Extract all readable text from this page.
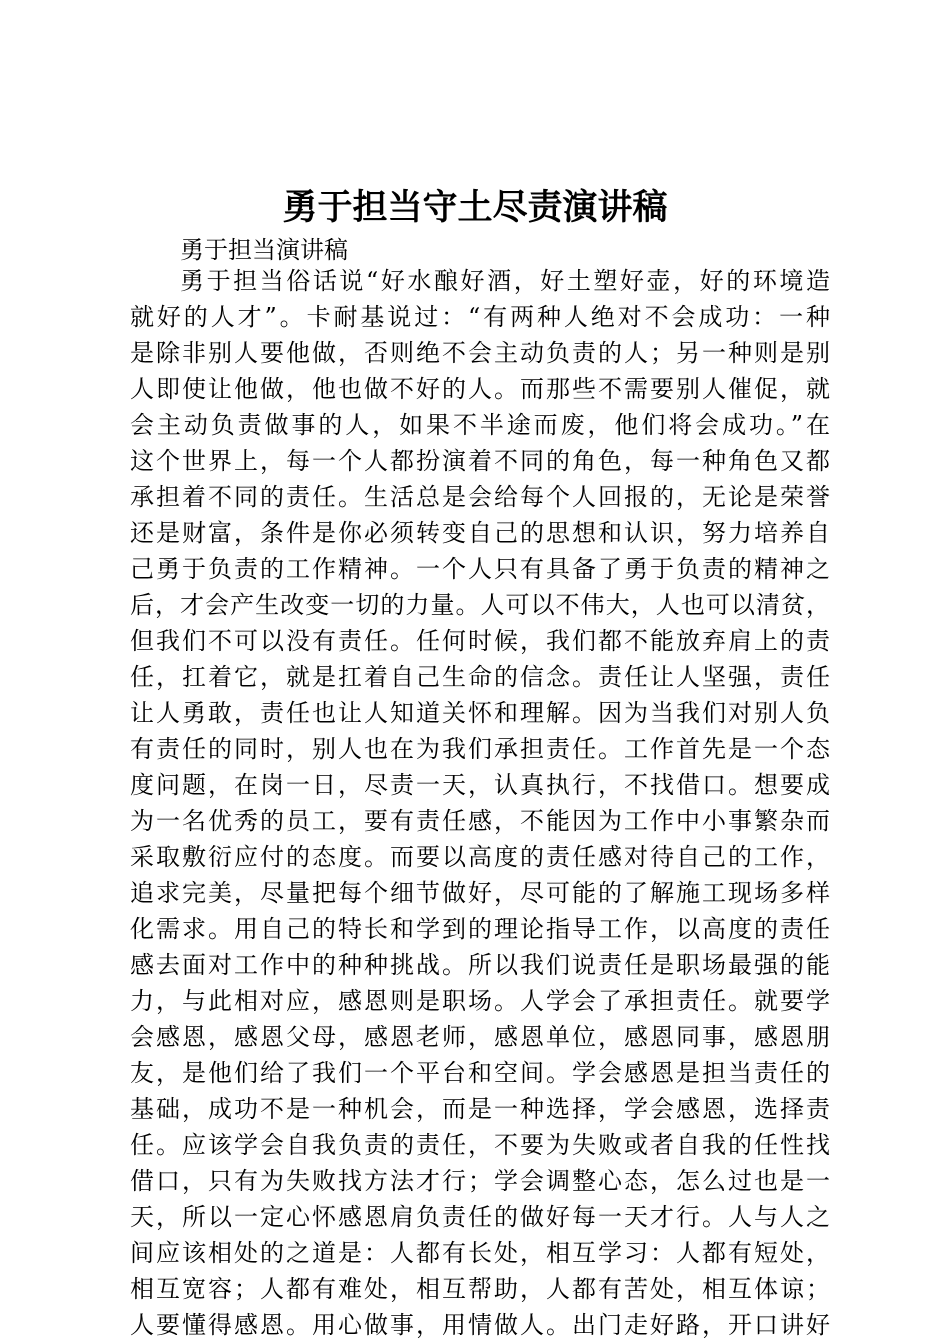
勇于担当守土尽责演讲稿

勇于担当演讲稿

勇于担当俗话说“好水酿好酒，好土塑好壶，好的环境造
就好的人才”。卡耐基说过：“有两种人绝对不会成功：一种
是除非别人要他做，否则绝不会主动负责的人；另一种则是别
人即使让他做，他也做不好的人。而那些不需要别人催促，就
会主动负责做事的人，如果不半途而废，他们将会成功。”在
这个世界上，每一个人都扮演着不同的角色，每一种角色又都
承担着不同的责任。生活总是会给每个人回报的，无论是荣誉
还是财富，条件是你必须转变自己的思想和认识，努力培养自
己勇于负责的工作精神。一个人只有具备了勇于负责的精神之
后，才会产生改变一切的力量。人可以不伟大，人也可以清贫，
但我们不可以没有责任。任何时候，我们都不能放弃肩上的责
任，扛着它，就是扛着自己生命的信念。责任让人坚强，责任
让人勇敢，责任也让人知道关怀和理解。因为当我们对别人负
有责任的同时，别人也在为我们承担责任。工作首先是一个态
度问题，在岗一日，尽责一天，认真执行，不找借口。想要成
为一名优秀的员工，要有责任感，不能因为工作中小事繁杂而
采取敷衍应付的态度。而要以高度的责任感对待自己的工作，
追求完美，尽量把每个细节做好，尽可能的了解施工现场多样
化需求。用自己的特长和学到的理论指导工作，以高度的责任
感去面对工作中的种种挑战。所以我们说责任是职场最强的能
力，与此相对应，感恩则是职场。人学会了承担责任。就要学
会感恩，感恩父母，感恩老师，感恩单位，感恩同事，感恩朋
友，是他们给了我们一个平台和空间。学会感恩是担当责任的
基础，成功不是一种机会，而是一种选择，学会感恩，选择责
任。应该学会自我负责的责任，不要为失败或者自我的任性找
借口，只有为失败找方法才行；学会调整心态，怎么过也是一
天，所以一定心怀感恩肩负责任的做好每一天才行。人与人之
间应该相处的之道是：人都有长处，相互学习：人都有短处，
相互宽容；人都有难处，相互帮助，人都有苦处，相互体谅；
人要懂得感恩。用心做事，用情做人。出门走好路，开口讲好
